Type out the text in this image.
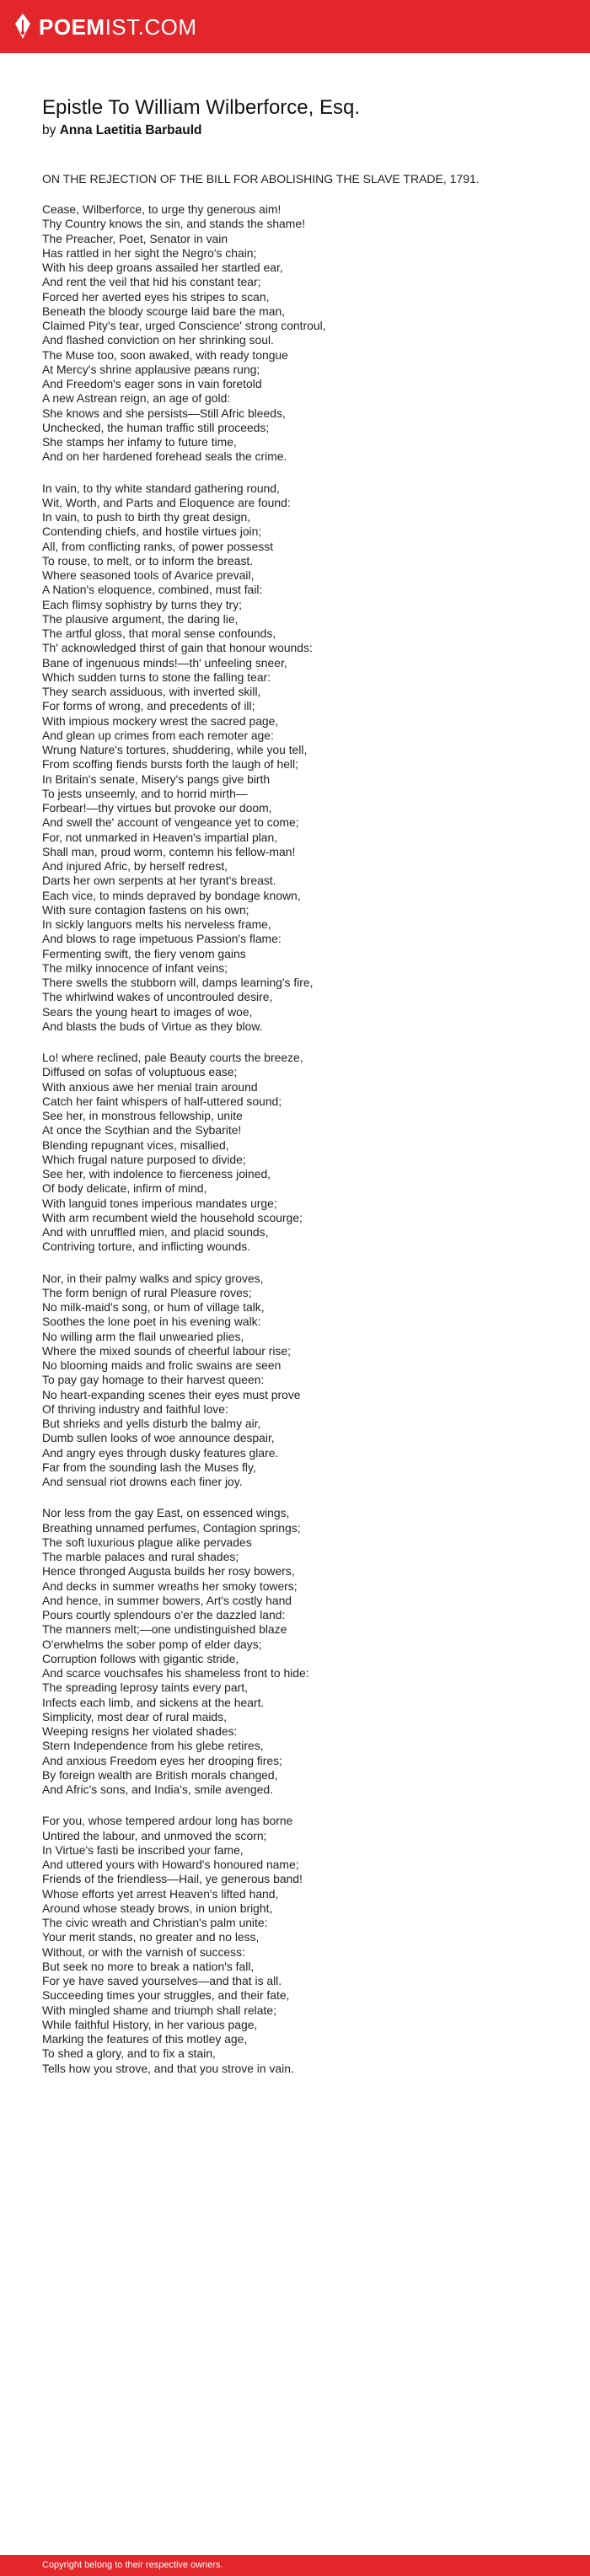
POEMIST.COM
Epistle To William Wilberforce, Esq.

by Anna Laetitia Barbauld

ON THE REJECTION OF THE BILL FOR ABOLISHING THE SLAVE TRADE, 1791.

Cease, Wilberforce, to urge thy generous aim!
Thy Country knows the sin, and stands the shame!
The Preacher, Poet, Senator in vain
Has rattled in her sight the Negro's chain;
With his deep groans assailed her startled ear,
And rent the veil that hid his constant tear;
Forced her averted eyes his stripes to scan,
Beneath the bloody scourge laid bare the man,
Claimed Pity's tear, urged Conscience' strong controul,
And flashed conviction on her shrinking soul.
The Muse too, soon awaked, with ready tongue
At Mercy's shrine applausive pæans rung;
And Freedom's eager sons in vain foretold
A new Astrean reign, an age of gold:
She knows and she persists—Still Afric bleeds,
Unchecked, the human traffic still proceeds;
She stamps her infamy to future time,
And on her hardened forehead seals the crime.
In vain, to thy white standard gathering round,
Wit, Worth, and Parts and Eloquence are found:
In vain, to push to birth thy great design,
Contending chiefs, and hostile virtues join;
All, from conflicting ranks, of power possesst
To rouse, to melt, or to inform the breast.
Where seasoned tools of Avarice prevail,
A Nation's eloquence, combined, must fail:
Each flimsy sophistry by turns they try;
The plausive argument, the daring lie,
The artful gloss, that moral sense confounds,
Th' acknowledged thirst of gain that honour wounds:
Bane of ingenuous minds!—th' unfeeling sneer,
Which sudden turns to stone the falling tear:
They search assiduous, with inverted skill,
For forms of wrong, and precedents of ill;
With impious mockery wrest the sacred page,
And glean up crimes from each remoter age:
Wrung Nature's tortures, shuddering, while you tell,
From scoffing fiends bursts forth the laugh of hell;
In Britain's senate, Misery's pangs give birth
To jests unseemly, and to horrid mirth—
Forbear!—thy virtues but provoke our doom,
And swell the' account of vengeance yet to come;
For, not unmarked in Heaven's impartial plan,
Shall man, proud worm, contemn his fellow-man!
And injured Afric, by herself redrest,
Darts her own serpents at her tyrant's breast.
Each vice, to minds depraved by bondage known,
With sure contagion fastens on his own;
In sickly languors melts his nerveless frame,
And blows to rage impetuous Passion's flame:
Fermenting swift, the fiery venom gains
The milky innocence of infant veins;
There swells the stubborn will, damps learning's fire,
The whirlwind wakes of uncontrouled desire,
Sears the young heart to images of woe,
And blasts the buds of Virtue as they blow.
Lo! where reclined, pale Beauty courts the breeze,
Diffused on sofas of voluptuous ease;
With anxious awe her menial train around
Catch her faint whispers of half-uttered sound;
See her, in monstrous fellowship, unite
At once the Scythian and the Sybarite!
Blending repugnant vices, misallied,
Which frugal nature purposed to divide;
See her, with indolence to fierceness joined,
Of body delicate, infirm of mind,
With languid tones imperious mandates urge;
With arm recumbent wield the household scourge;
And with unruffled mien, and placid sounds,
Contriving torture, and inflicting wounds.
Nor, in their palmy walks and spicy groves,
The form benign of rural Pleasure roves;
No milk-maid's song, or hum of village talk,
Soothes the lone poet in his evening walk:
No willing arm the flail unwearied plies,
Where the mixed sounds of cheerful labour rise;
No blooming maids and frolic swains are seen
To pay gay homage to their harvest queen:
No heart-expanding scenes their eyes must prove
Of thriving industry and faithful love:
But shrieks and yells disturb the balmy air,
Dumb sullen looks of woe announce despair,
And angry eyes through dusky features glare.
Far from the sounding lash the Muses fly,
And sensual riot drowns each finer joy.
Nor less from the gay East, on essenced wings,
Breathing unnamed perfumes, Contagion springs;
The soft luxurious plague alike pervades
The marble palaces and rural shades;
Hence thronged Augusta builds her rosy bowers,
And decks in summer wreaths her smoky towers;
And hence, in summer bowers, Art's costly hand
Pours courtly splendours o'er the dazzled land:
The manners melt;—one undistinguished blaze
O'erwhelms the sober pomp of elder days;
Corruption follows with gigantic stride,
And scarce vouchsafes his shameless front to hide:
The spreading leprosy taints every part,
Infects each limb, and sickens at the heart.
Simplicity, most dear of rural maids,
Weeping resigns her violated shades:
Stern Independence from his glebe retires,
And anxious Freedom eyes her drooping fires;
By foreign wealth are British morals changed,
And Afric's sons, and India's, smile avenged.
For you, whose tempered ardour long has borne
Untired the labour, and unmoved the scorn;
In Virtue's fasti be inscribed your fame,
And uttered yours with Howard's honoured name;
Friends of the friendless—Hail, ye generous band!
Whose efforts yet arrest Heaven's lifted hand,
Around whose steady brows, in union bright,
The civic wreath and Christian's palm unite:
Your merit stands, no greater and no less,
Without, or with the varnish of success:
But seek no more to break a nation's fall,
For ye have saved yourselves—and that is all.
Succeeding times your struggles, and their fate,
With mingled shame and triumph shall relate;
While faithful History, in her various page,
Marking the features of this motley age,
To shed a glory, and to fix a stain,
Tells how you strove, and that you strove in vain.
Copyright belong to their respective owners.
